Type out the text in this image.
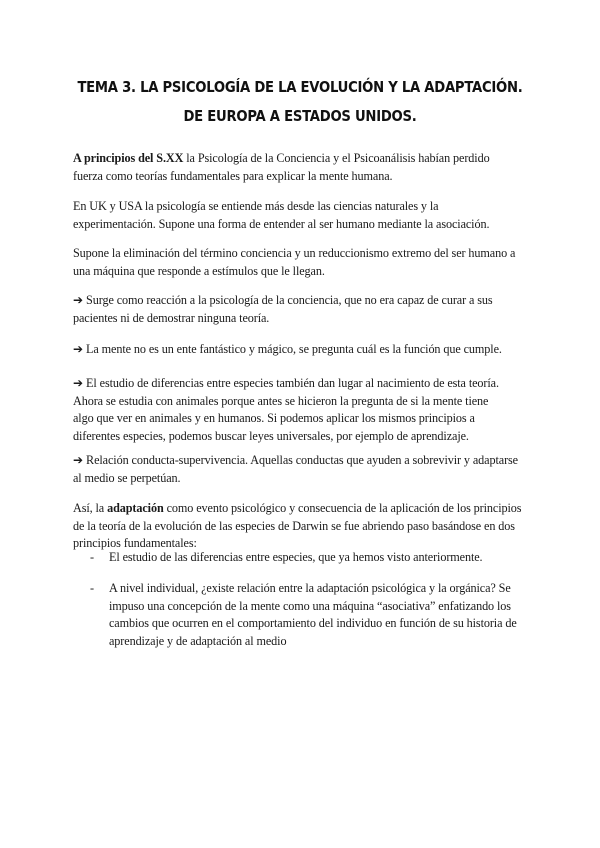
TEMA 3. LA PSICOLOGÍA DE LA EVOLUCIÓN Y LA ADAPTACIÓN.
DE EUROPA A ESTADOS UNIDOS.
A principios del S.XX la Psicología de la Conciencia y el Psicoanálisis habían perdido
fuerza como teorías fundamentales para explicar la mente humana.
En UK y USA la psicología se entiende más desde las ciencias naturales y la
experimentación. Supone una forma de entender al ser humano mediante la asociación.
Supone la eliminación del término conciencia y un reduccionismo extremo del ser humano a
una máquina que responde a estímulos que le llegan.
➔ Surge como reacción a la psicología de la conciencia, que no era capaz de curar a sus
pacientes ni de demostrar ninguna teoría.
➔ La mente no es un ente fantástico y mágico, se pregunta cuál es la función que cumple.
➔ El estudio de diferencias entre especies también dan lugar al nacimiento de esta teoría.
Ahora se estudia con animales porque antes se hicieron la pregunta de si la mente tiene
algo que ver en animales y en humanos. Si podemos aplicar los mismos principios a
diferentes especies, podemos buscar leyes universales, por ejemplo de aprendizaje.
➔ Relación conducta-supervivencia. Aquellas conductas que ayuden a sobrevivir y adaptarse
al medio se perpetúan.
Así, la adaptación como evento psicológico y consecuencia de la aplicación de los principios
de la teoría de la evolución de las especies de Darwin se fue abriendo paso basándose en dos
principios fundamentales:
- El estudio de las diferencias entre especies, que ya hemos visto anteriormente.
- A nivel individual, ¿existe relación entre la adaptación psicológica y la orgánica? Se
impuso una concepción de la mente como una máquina “asociativa” enfatizando los
cambios que ocurren en el comportamiento del individuo en función de su historia de
aprendizaje y de adaptación al medio
